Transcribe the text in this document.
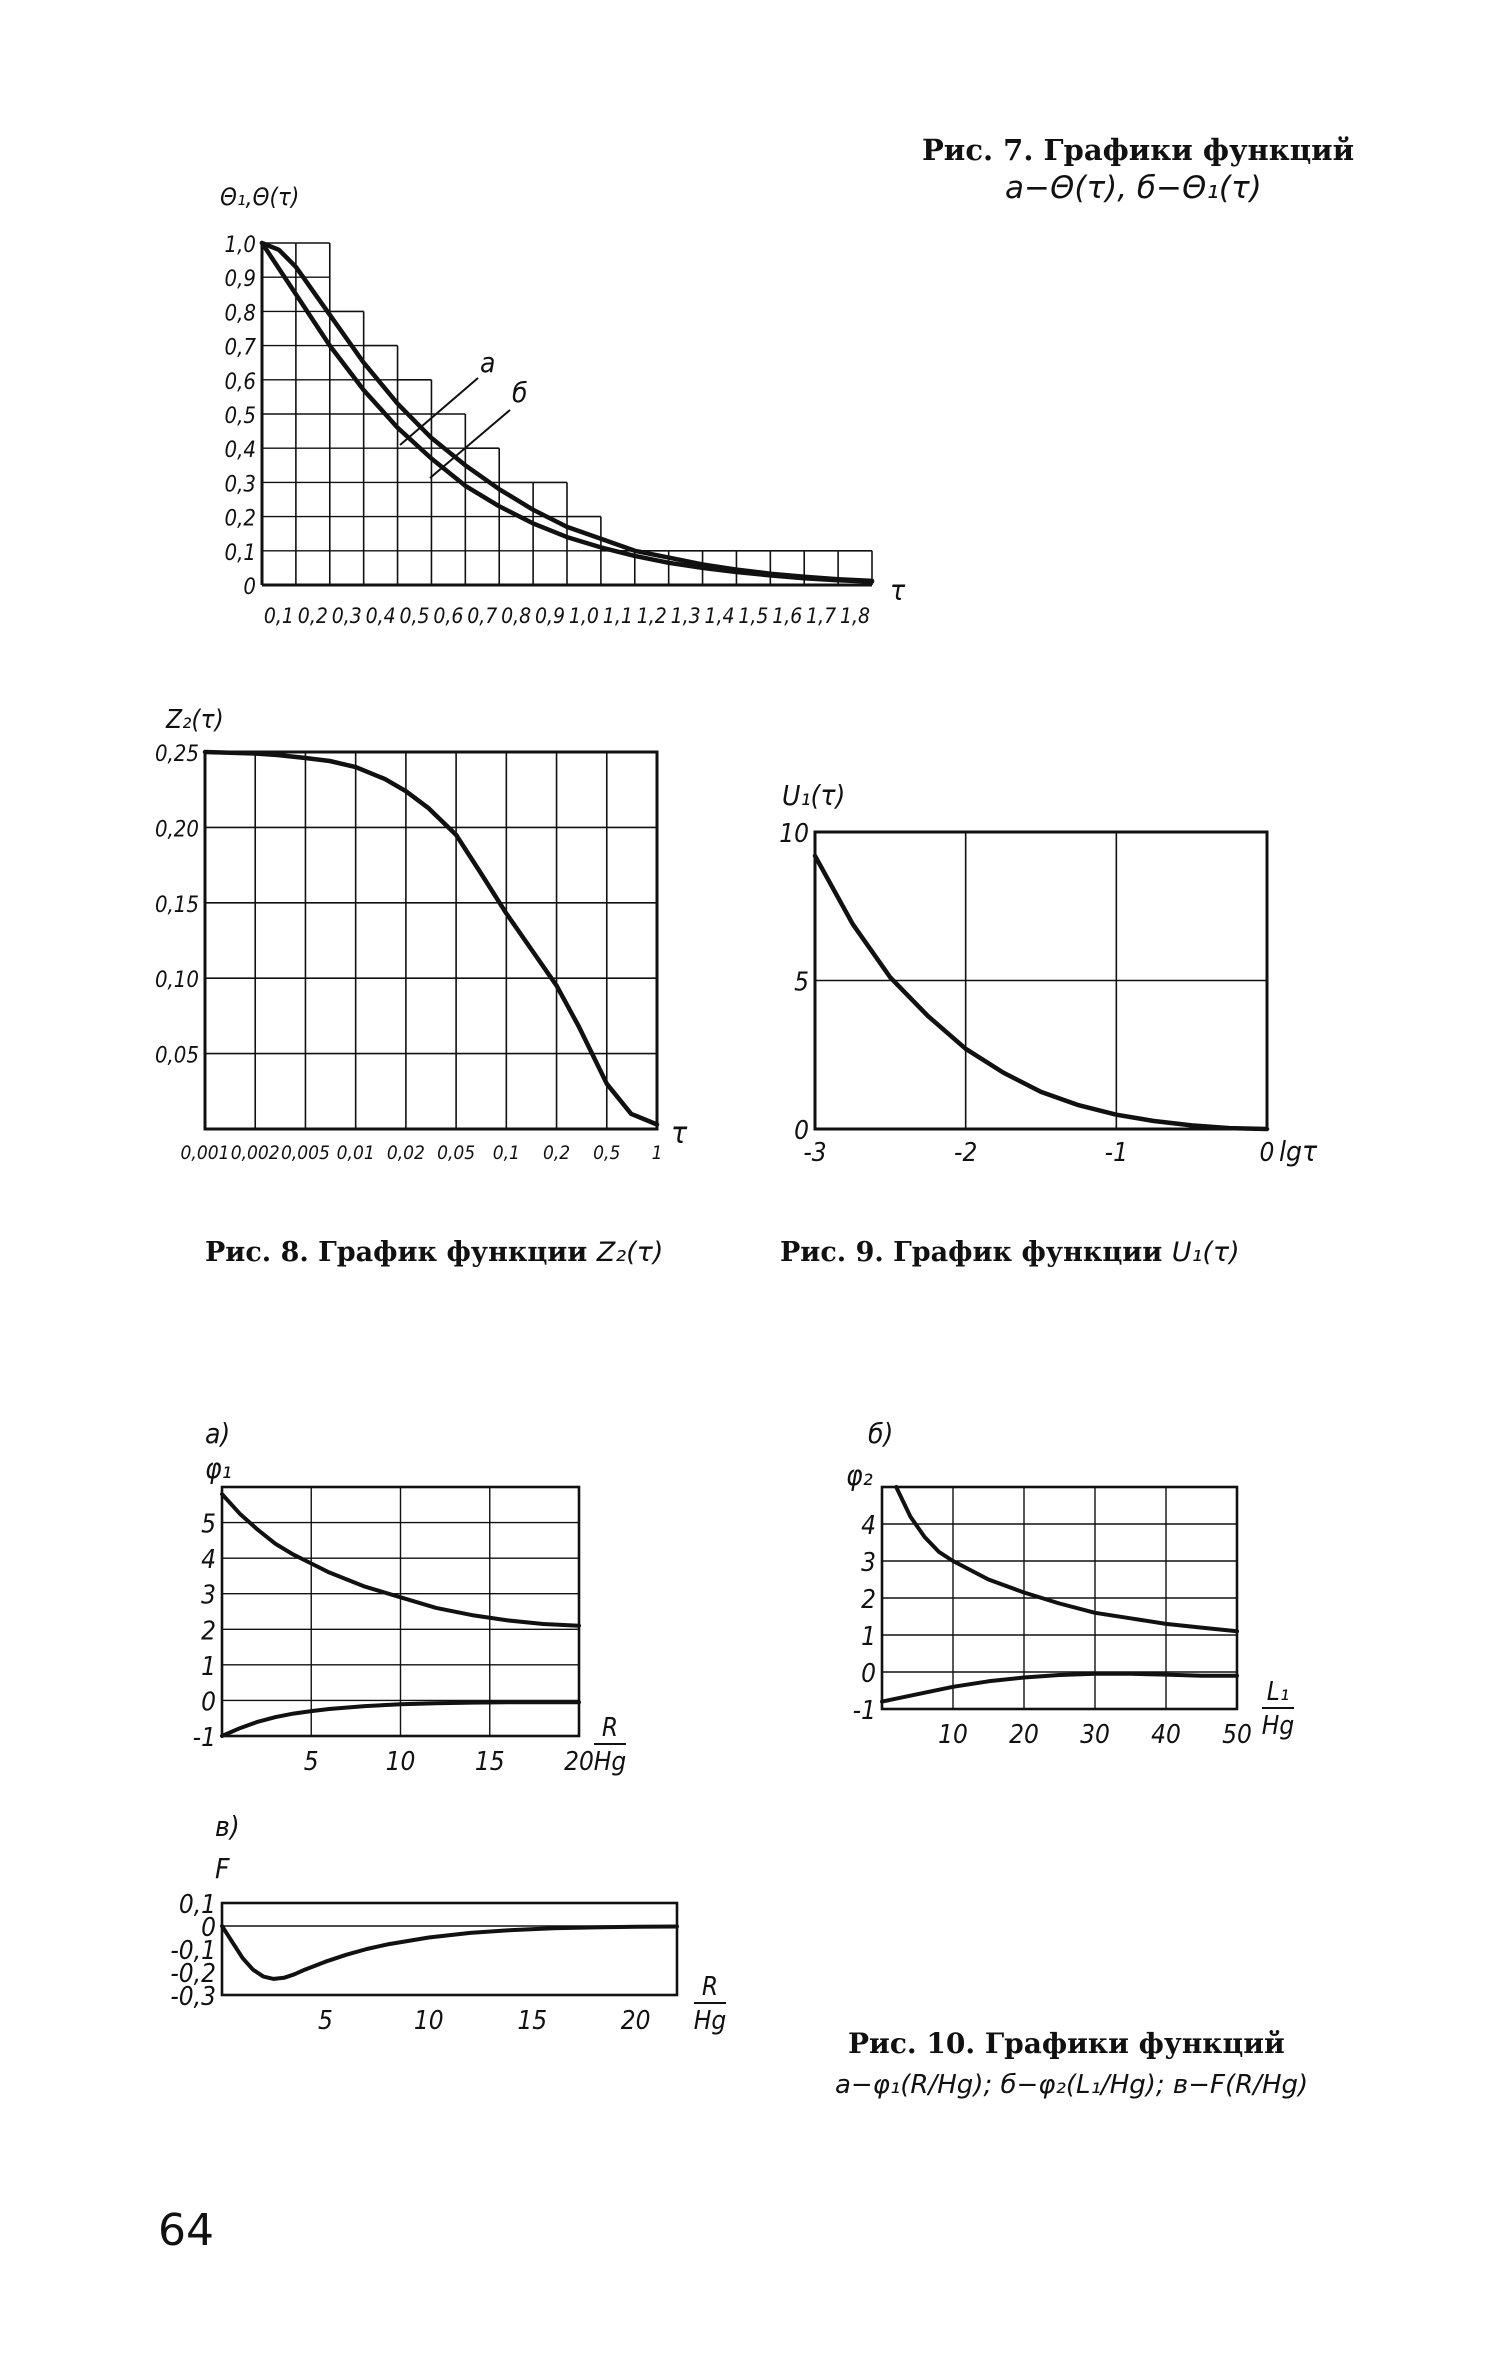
1,0
0,9
0,8
0,7
0,6
0,5
0,4
0,3
0,2
0,1
0
0,1 0,2 0,3 0,4 0,5 0,6 0,7 0,8 0,9 1,0 1,1 1,2 1,3 1,4 1,5 1,6 1,7 1,8
Θ₁,Θ(τ)
τ
а
б
0,001 0,002 0,005 0,01 0,02 0,05 0,1 0,2 0,5 1
0,25
0,20
0,15
0,10
0,05
Z₂(τ)
τ
-3	-2	-1	0
10
5
0
U₁(τ)
lgτ
5	10 15 20
5
4
3
2
1
0
-1
а)
φ₁
R
Hg
10 20 30 40 50
4
3
2
1
0
-1
б)
φ₂
L₁
Hg
5	10	15	20
0,1
0
-0,1
-0,2
-0,3
в)
F
R
Hg
Рис. 7. Графики функций
а−Θ(τ), б−Θ₁(τ)
Рис. 8. График функции Z₂(τ)	Рис. 9. График функции U₁(τ)
Рис. 10. Графики функций
а−φ₁(R/Hg); б−φ₂(L₁/Hg); в−F(R/Hg)
64
